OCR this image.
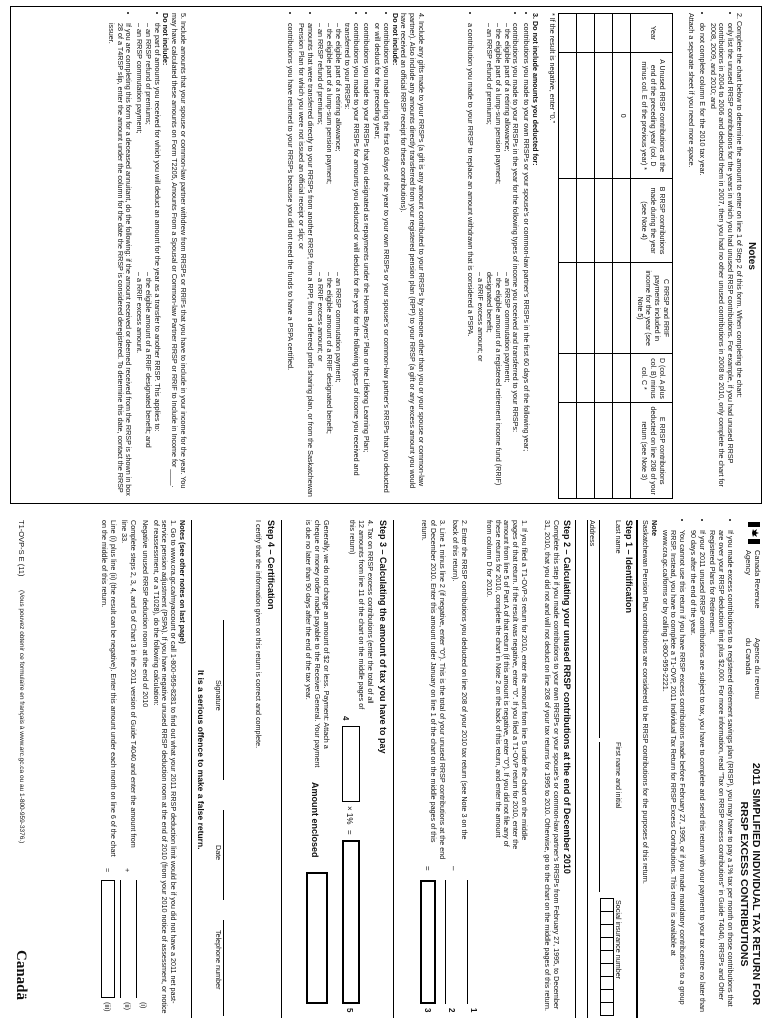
Notes
2. Complete the chart below to determine the amount to enter on line 1 of Step 2 of this form. When completing the chart:
• only list the unused RRSP contributions for the years in which you had unused RRSP contributions. For example, if you had unused RRSP contributions in 2004 to 2006 and deducted them in 2007, then you had no other unused contributions in 2008 to 2010, only complete the chart for 2008, 2009, and 2010; and
• do not complete column E for the 2010 tax year.
Attach a separate sheet if you need more space.
Year	A Unused RRSP contributions at the end of the preceding year (col. D minus col. E of the previous year) *	B RRSP contributions made during the year (see Note 4)	C RRSP and RRIF payments included in income for the year (see Note 5)	D (col. A plus col. B) minus col. C *	E RRSP contributions deducted on line 208 of your return (see Note 3)
	0				

* If the result is negative, enter "0."
3. Do not include amounts you deducted for:
• contributions you made to your own RRSPs or your spouse's or common-law partner's RRSPs in the first 60 days of the following year;
• contributions you made to your RRSPs in the year for the following types of income you received and transferred to your RRSPs:
– the eligible part of a retiring allowance;
– the eligible part of a lump-sum pension payment;
– an RRSP refund of premiums;
– an RRSP commutation payment;
– the eligible amount of a registered retirement income fund (RRIF) designated benefit;
– a RRIF excess amount; or
• a contribution you made to your RRSP to replace an amount withdrawn that is considered a PSPA.
4. Include any gifts made to your RRSPs (a gift is any amount contributed to your RRSPs by someone other than you or your spouse or common-law partner). Also include any amounts directly transferred from your registered pension plan (RPP) to your RRSP (a gift or any excess amount you would have received an official RRSP receipt for these contributions).
Do not include:
• contributions you made during the first 60 days of the year to your own RRSPs or your spouse's or common-law partner's RRSPs that you deducted or will deduct for the preceding year;
• contributions you made to your RRSPs that you designated as repayments under the Home Buyers' Plan or the Lifelong Learning Plan;
• contributions you made to your RRSPs for amounts you deducted or will deduct for the year for the following types of income you received and transferred to your RRSPs:
– the eligible part of a retiring allowance;
– the eligible part of a lump-sum pension payment;
– an RRSP refund of premiums;
– an RRSP commutation payment;
– the eligible amount of a RRIF designated benefit;
– a RRIF excess amount; or
• amounts that were transferred directly to your RRSPs from another RRSP, from a RPP, from a deferred profit sharing plan, or from the Saskatchewan Pension Plan for which you were not issued an official receipt or slip; or
• contributions you have returned to your RRSPs because you did not need the funds to have a PSPA certified.
5. Include amounts that your spouse or common-law partner withdrew from RRSPs or RRIFs that you have to include in your income for the year. You may have calculated these amounts on Form T2205, Amounts From a Spousal or Common-law Partner RRSP or RRIF to Include in Income for ____.
Do not include:
• the part of amounts you received for which you will deduct an amount for the year as a transfer to another RRSP. This applies to:
– an RRSP refund of premiums;
– an RRSP commutation payment;
– the eligible amount of a RRIF designated benefit; and
– a RRIF excess amount.
• If you are completing this form for a deceased annuitant, do the following: if the amount received or deemed received from the RRSP is shown in box 28 of a T4RSP slip, enter the amount under the column for the date the RRSP is considered deregistered. To determine this date, contact the RRSP issuer.
Canada Revenue Agency
Agence du revenu du Canada
2011 SIMPLIFIED INDIVIDUAL TAX RETURN FOR RRSP EXCESS CONTRIBUTIONS
• If you made excess contributions to a registered retirement savings plan (RRSP), you may have to pay a 1% tax per month on those contributions that are over your RRSP deduction limit plus $2,000. For more information, read "Tax on RRSP excess contributions" in Guide T4040, RRSPs and Other Registered Plans for Retirement.
• If your 2011 unused RRSP contributions are subject to tax, you have to complete and send this return with your payment to your tax centre no later than 90 days after the end of the year.
• You cannot use this return if you have RRSP excess contributions made before February 27, 1995, or if you made mandatory contributions to a group RRSP. Instead, you have to complete a T1-OVP, 2011 Individual Tax Return for RRSP Excess Contributions. This return is available at www.cra.gc.ca/forms or by calling 1-800-959-2221.
Note
Saskatchewan Pension Plan contributions are considered to be RRSP contributions for the purposes of this return.
Step 1 – Identification
Last name
First name and initial
Social insurance number
Address
Step 2 – Calculating your unused RRSP contributions at the end of December 2010
Complete this step if you made contributions to your own RRSPs or your spouse's or common-law partner's RRSPs from February 27, 1995, to December 31, 2010, that you did not and will not deduct on line 208 of your tax returns for 1995 to 2010. Otherwise, go to the chart on the middle pages of this return.
1. If you filed a T1-OVP-S return for 2010, enter the amount from line 5 under the chart on the middle pages of that return. If the result was negative, enter "0". If you filed a T1-OVP return for 2010, enter the amount from line 5 of Part A of that return (if this amount is negative, enter "0"). If you did not file any of these returns for 2010, complete the chart in Note 2 on the back of this return, and enter the amount from column D for 2010.
1
2. Enter the RRSP contributions you deducted on line 208 of your 2010 tax return (see Note 3 on the back of this return).
–
2
3. Line 1 minus line 2 (if negative, enter "0"). This is the total of your unused RRSP contributions at the end of December 2010. Enter this amount under January on line 1 of the chart on the middle pages of this return.
=
3
Step 3 – Calculating the amount of tax you have to pay
4. Tax on RRSP excess contributions (enter the total of all 12 amounts from line 11 of the chart on the middle pages of this return)
4
× 1%
=
5
Generally, we do not charge an amount of $2 or less. Payment: Attach a cheque or money order made payable to the Receiver General. Your payment is due no later than 90 days after the end of the tax year.
Amount enclosed
Step 4 – Certification
I certify that the information given on this return is correct and complete.
Signature
Date
Telephone number
It is a serious offence to make a false return.
Notes (see other notes on last page)
1. Go to www.cra.gc.ca/myaccount or call 1-800-959-8281 to find out what your 2011 RRSP deduction limit would be if you did not have a 2011 net past-service pension adjustment (PSPA). If you have negative unused RRSP deduction room at the end of 2010 (from your 2010 notice of assessment, or notice of reassessment, or a T1028), do the following calculation:
Negative unused RRSP deduction room at the end of 2010
(i)
Complete steps 2, 3, 4, and 5 of Chart 3 in the 2011 version of Guide T4040 and enter the amount from line 33.
+
(ii)
Line (i) plus line (ii) (the result can be negative). Enter this amount under each month on line 6 of the chart on the middle of this return.
=
(iii)
T1-OVP-S E (11)
(Vous pouvez obtenir ce formulaire en français à www.arc.gc.ca ou au 1-800-959-3376.)
Canadä
